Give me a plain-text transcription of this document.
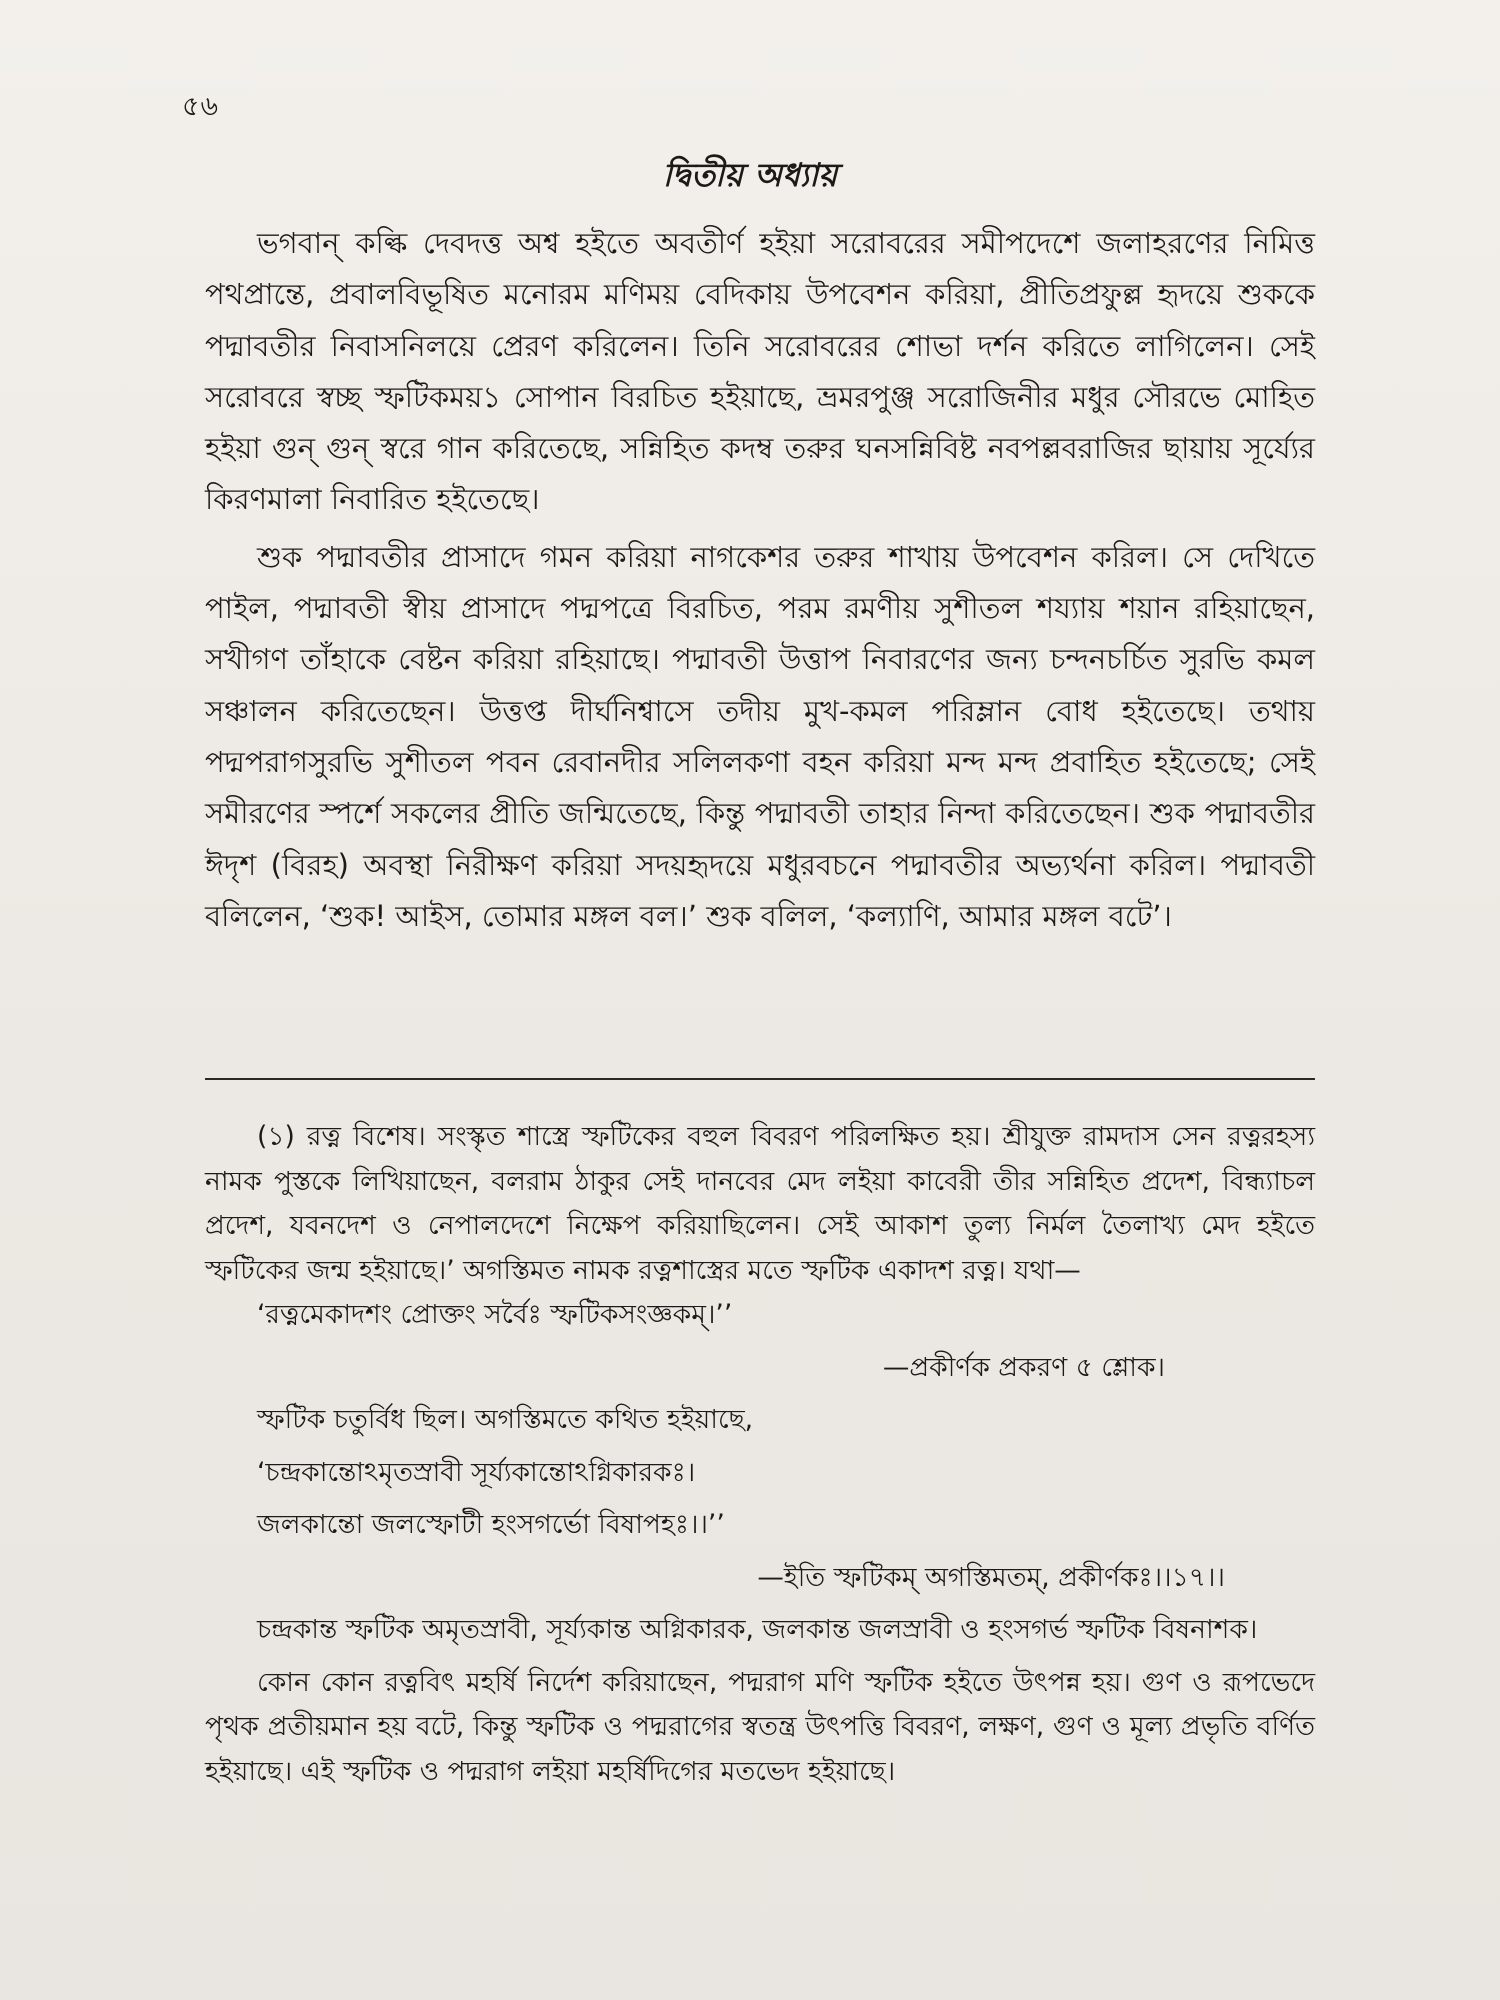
৫৬
দ্বিতীয় অধ্যায়

ভগবান্ কল্কি দেবদত্ত অশ্ব হইতে অবতীর্ণ হইয়া সরোবরের সমীপদেশে জলাহরণের নিমিত্ত পথপ্রান্তে, প্রবালবিভূষিত মনোরম মণিময় বেদিকায় উপবেশন করিয়া, প্রীতিপ্রফুল্ল হৃদয়ে শুককে পদ্মাবতীর নিবাসনিলয়ে প্রেরণ করিলেন। তিনি সরোবরের শোভা দর্শন করিতে লাগিলেন। সেই সরোবরে স্বচ্ছ স্ফটিকময়১ সোপান বিরচিত হইয়াছে, ভ্রমরপুঞ্জ সরোজিনীর মধুর সৌরভে মোহিত হইয়া গুন্ গুন্ স্বরে গান করিতেছে, সন্নিহিত কদম্ব তরুর ঘনসন্নিবিষ্ট নবপল্লবরাজির ছায়ায় সূর্য্যের কিরণমালা নিবারিত হইতেছে।

শুক পদ্মাবতীর প্রাসাদে গমন করিয়া নাগকেশর তরুর শাখায় উপবেশন করিল। সে দেখিতে পাইল, পদ্মাবতী স্বীয় প্রাসাদে পদ্মপত্রে বিরচিত, পরম রমণীয় সুশীতল শয্যায় শয়ান রহিয়াছেন, সখীগণ তাঁহাকে বেষ্টন করিয়া রহিয়াছে। পদ্মাবতী উত্তাপ নিবারণের জন্য চন্দনচর্চিত সুরভি কমল সঞ্চালন করিতেছেন। উত্তপ্ত দীর্ঘনিশ্বাসে তদীয় মুখ-কমল পরিম্লান বোধ হইতেছে। তথায় পদ্মপরাগসুরভি সুশীতল পবন রেবানদীর সলিলকণা বহন করিয়া মন্দ মন্দ প্রবাহিত হইতেছে; সেই সমীরণের স্পর্শে সকলের প্রীতি জন্মিতেছে, কিন্তু পদ্মাবতী তাহার নিন্দা করিতেছেন। শুক পদ্মাবতীর ঈদৃশ (বিরহ) অবস্থা নিরীক্ষণ করিয়া সদয়হৃদয়ে মধুরবচনে পদ্মাবতীর অভ্যর্থনা করিল। পদ্মাবতী বলিলেন, ‘শুক! আইস, তোমার মঙ্গল বল।’ শুক বলিল, ‘কল্যাণি, আমার মঙ্গল বটে’।

(১) রত্ন বিশেষ। সংস্কৃত শাস্ত্রে স্ফটিকের বহুল বিবরণ পরিলক্ষিত হয়। শ্রীযুক্ত রামদাস সেন রত্নরহস্য নামক পুস্তকে লিখিয়াছেন, বলরাম ঠাকুর সেই দানবের মেদ লইয়া কাবেরী তীর সন্নিহিত প্রদেশ, বিন্ধ্যাচল প্রদেশ, যবনদেশ ও নেপালদেশে নিক্ষেপ করিয়াছিলেন। সেই আকাশ তুল্য নির্মল তৈলাখ্য মেদ হইতে স্ফটিকের জন্ম হইয়াছে।’ অগস্তিমত নামক রত্নশাস্ত্রের মতে স্ফটিক একাদশ রত্ন। যথা—

‘রত্নমেকাদশং প্রোক্তং সর্বৈঃ স্ফটিকসংজ্ঞকম্।’’

—প্রকীর্ণক প্রকরণ ৫ শ্লোক।

স্ফটিক চতুর্বিধ ছিল। অগস্তিমতে কথিত হইয়াছে,

‘চন্দ্রকান্তোঽমৃতস্রাবী সূর্য্যকান্তোঽগ্নিকারকঃ।

জলকান্তো জলস্ফোটী হংসগর্ভো বিষাপহঃ।।’’

—ইতি স্ফটিকম্ অগস্তিমতম্, প্রকীর্ণকঃ।।১৭।।

চন্দ্রকান্ত স্ফটিক অমৃতস্রাবী, সূর্য্যকান্ত অগ্নিকারক, জলকান্ত জলস্রাবী ও হংসগর্ভ স্ফটিক বিষনাশক।

কোন কোন রত্নবিৎ মহর্ষি নির্দেশ করিয়াছেন, পদ্মরাগ মণি স্ফটিক হইতে উৎপন্ন হয়। গুণ ও রূপভেদে পৃথক প্রতীয়মান হয় বটে, কিন্তু স্ফটিক ও পদ্মরাগের স্বতন্ত্র উৎপত্তি বিবরণ, লক্ষণ, গুণ ও মূল্য প্রভৃতি বর্ণিত হইয়াছে। এই স্ফটিক ও পদ্মরাগ লইয়া মহর্ষিদিগের মতভেদ হইয়াছে।
